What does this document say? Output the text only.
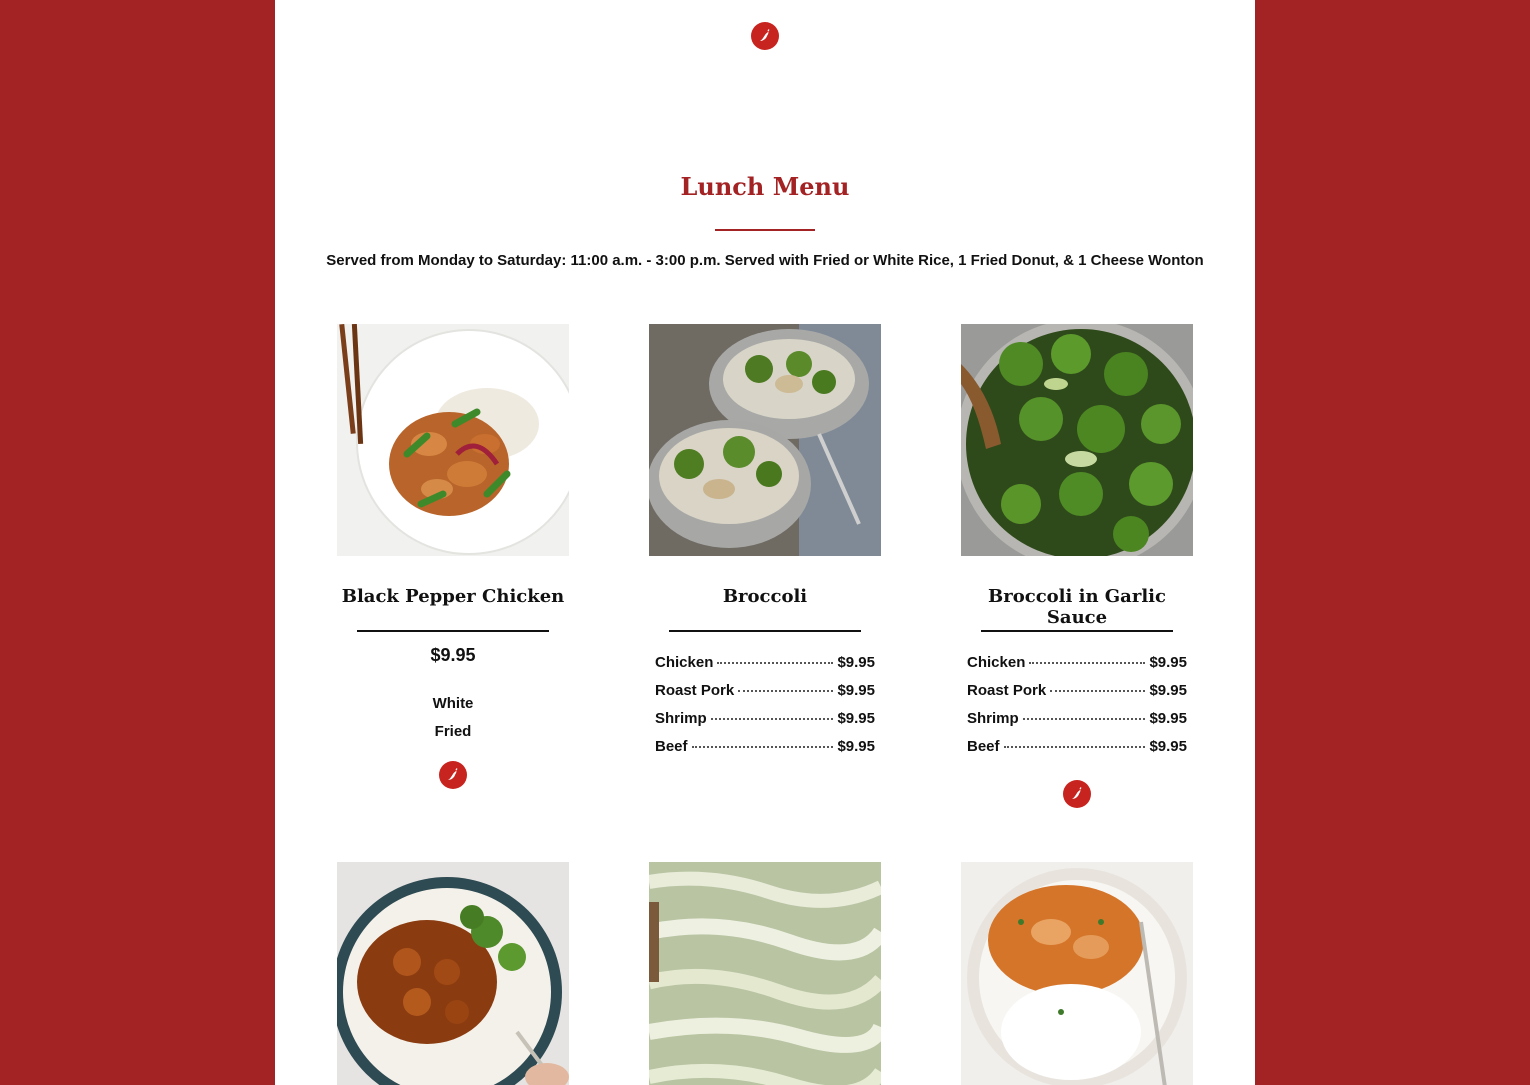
Lunch Menu

Served from Monday to Saturday: 11:00 a.m. - 3:00 p.m. Served with Fried or White Rice, 1 Fried Donut, & 1 Cheese Wonton

Black Pepper Chicken
$9.95
White
Fried
Broccoli
Chicken	$9.95
Roast Pork	$9.95
Shrimp	$9.95
Beef	$9.95
Broccoli in Garlic Sauce
Chicken	$9.95
Roast Pork	$9.95
Shrimp	$9.95
Beef	$9.95
